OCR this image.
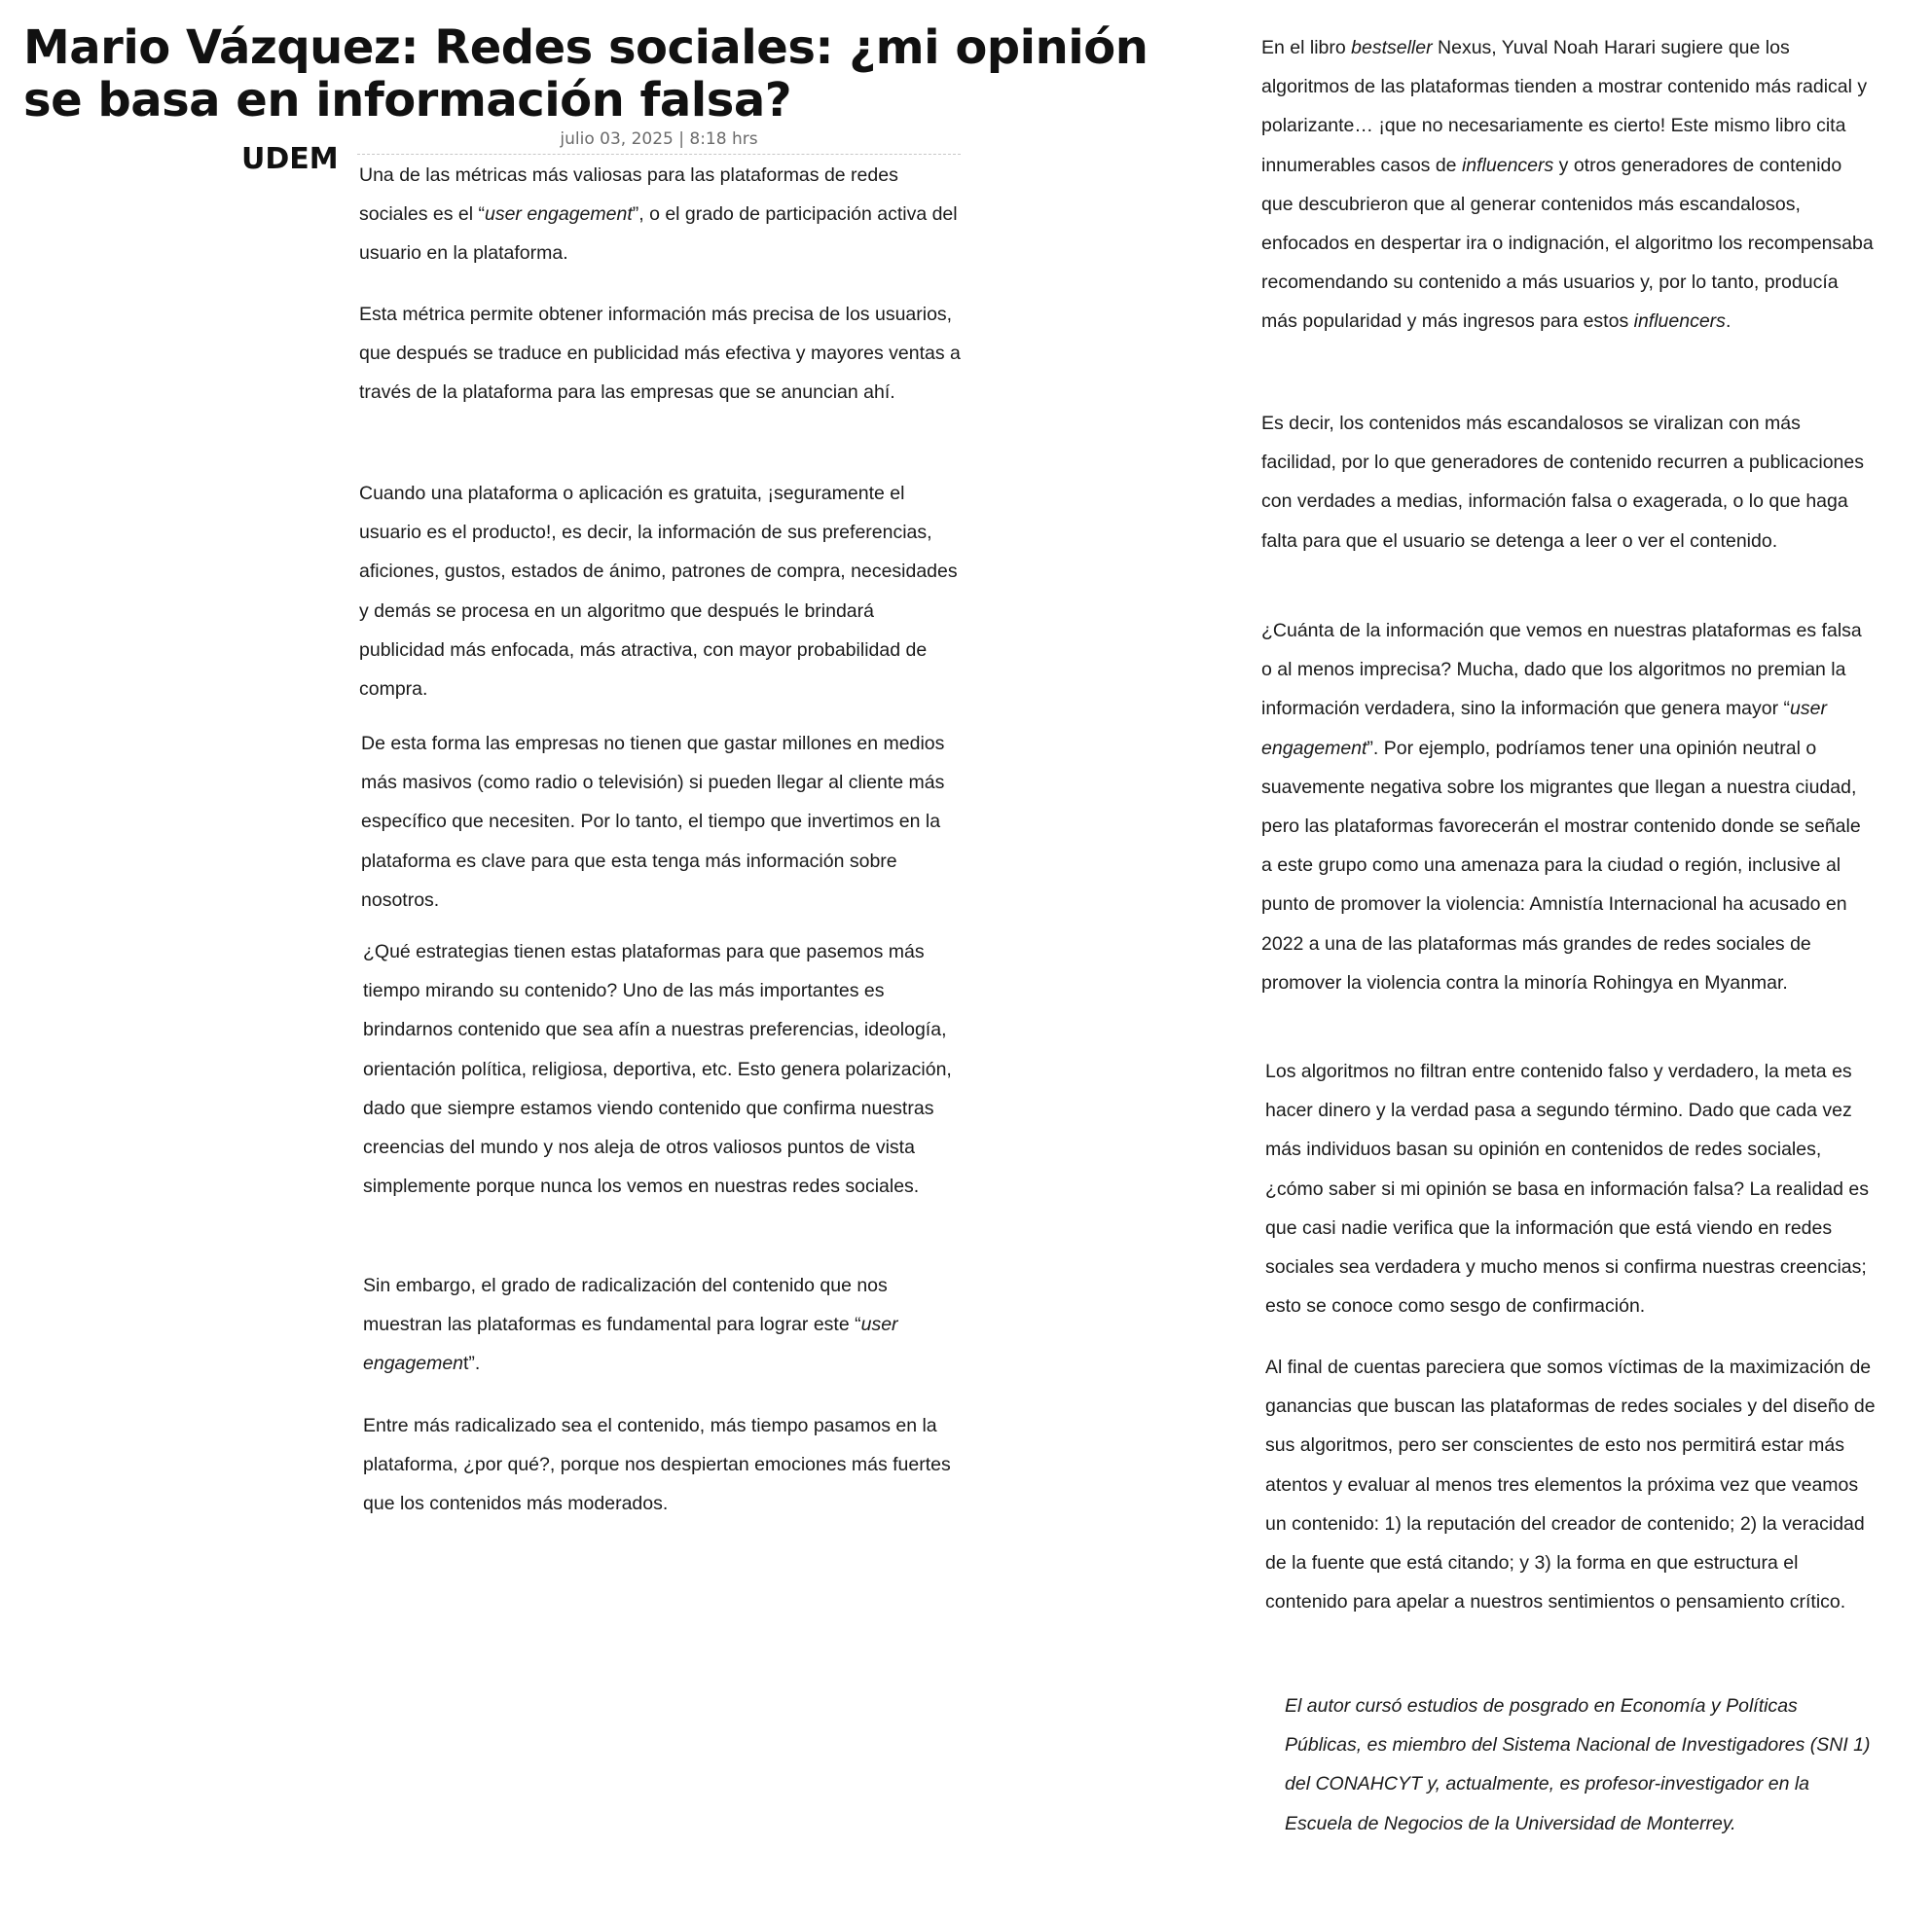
Mario Vázquez: Redes sociales: ¿mi opinión se basa en información falsa?
UDEM
julio 03, 2025 | 8:18 hrs

Una de las métricas más valiosas para las plataformas de redes sociales es el “user engagement”, o el grado de participación activa del usuario en la plataforma.

Esta métrica permite obtener información más precisa de los usuarios, que después se traduce en publicidad más efectiva y mayores ventas a través de la plataforma para las empresas que se anuncian ahí.

Cuando una plataforma o aplicación es gratuita, ¡seguramente el usuario es el producto!, es decir, la información de sus preferencias, aficiones, gustos, estados de ánimo, patrones de compra, necesidades y demás se procesa en un algoritmo que después le brindará publicidad más enfocada, más atractiva, con mayor probabilidad de compra.

De esta forma las empresas no tienen que gastar millones en medios más masivos (como radio o televisión) si pueden llegar al cliente más específico que necesiten. Por lo tanto, el tiempo que invertimos en la plataforma es clave para que esta tenga más información sobre nosotros.

¿Qué estrategias tienen estas plataformas para que pasemos más tiempo mirando su contenido? Uno de las más importantes es brindarnos contenido que sea afín a nuestras preferencias, ideología, orientación política, religiosa, deportiva, etc. Esto genera polarización, dado que siempre estamos viendo contenido que confirma nuestras creencias del mundo y nos aleja de otros valiosos puntos de vista simplemente porque nunca los vemos en nuestras redes sociales.

Sin embargo, el grado de radicalización del contenido que nos muestran las plataformas es fundamental para lograr este “user engagement”.

Entre más radicalizado sea el contenido, más tiempo pasamos en la plataforma, ¿por qué?, porque nos despiertan emociones más fuertes que los contenidos más moderados.

En el libro bestseller Nexus, Yuval Noah Harari sugiere que los algoritmos de las plataformas tienden a mostrar contenido más radical y polarizante… ¡que no necesariamente es cierto! Este mismo libro cita innumerables casos de influencers y otros generadores de contenido que descubrieron que al generar contenidos más escandalosos, enfocados en despertar ira o indignación, el algoritmo los recompensaba recomendando su contenido a más usuarios y, por lo tanto, producía más popularidad y más ingresos para estos influencers.

Es decir, los contenidos más escandalosos se viralizan con más facilidad, por lo que generadores de contenido recurren a publicaciones con verdades a medias, información falsa o exagerada, o lo que haga falta para que el usuario se detenga a leer o ver el contenido.

¿Cuánta de la información que vemos en nuestras plataformas es falsa o al menos imprecisa? Mucha, dado que los algoritmos no premian la información verdadera, sino la información que genera mayor “user engagement”. Por ejemplo, podríamos tener una opinión neutral o suavemente negativa sobre los migrantes que llegan a nuestra ciudad, pero las plataformas favorecerán el mostrar contenido donde se señale a este grupo como una amenaza para la ciudad o región, inclusive al punto de promover la violencia: Amnistía Internacional ha acusado en 2022 a una de las plataformas más grandes de redes sociales de promover la violencia contra la minoría Rohingya en Myanmar.

Los algoritmos no filtran entre contenido falso y verdadero, la meta es hacer dinero y la verdad pasa a segundo término. Dado que cada vez más individuos basan su opinión en contenidos de redes sociales, ¿cómo saber si mi opinión se basa en información falsa? La realidad es que casi nadie verifica que la información que está viendo en redes sociales sea verdadera y mucho menos si confirma nuestras creencias; esto se conoce como sesgo de confirmación.

Al final de cuentas pareciera que somos víctimas de la maximización de ganancias que buscan las plataformas de redes sociales y del diseño de sus algoritmos, pero ser conscientes de esto nos permitirá estar más atentos y evaluar al menos tres elementos la próxima vez que veamos un contenido: 1) la reputación del creador de contenido; 2) la veracidad de la fuente que está citando; y 3) la forma en que estructura el contenido para apelar a nuestros sentimientos o pensamiento crítico.

El autor cursó estudios de posgrado en Economía y Políticas Públicas, es miembro del Sistema Nacional de Investigadores (SNI 1) del CONAHCYT y, actualmente, es profesor-investigador en la Escuela de Negocios de la Universidad de Monterrey.
